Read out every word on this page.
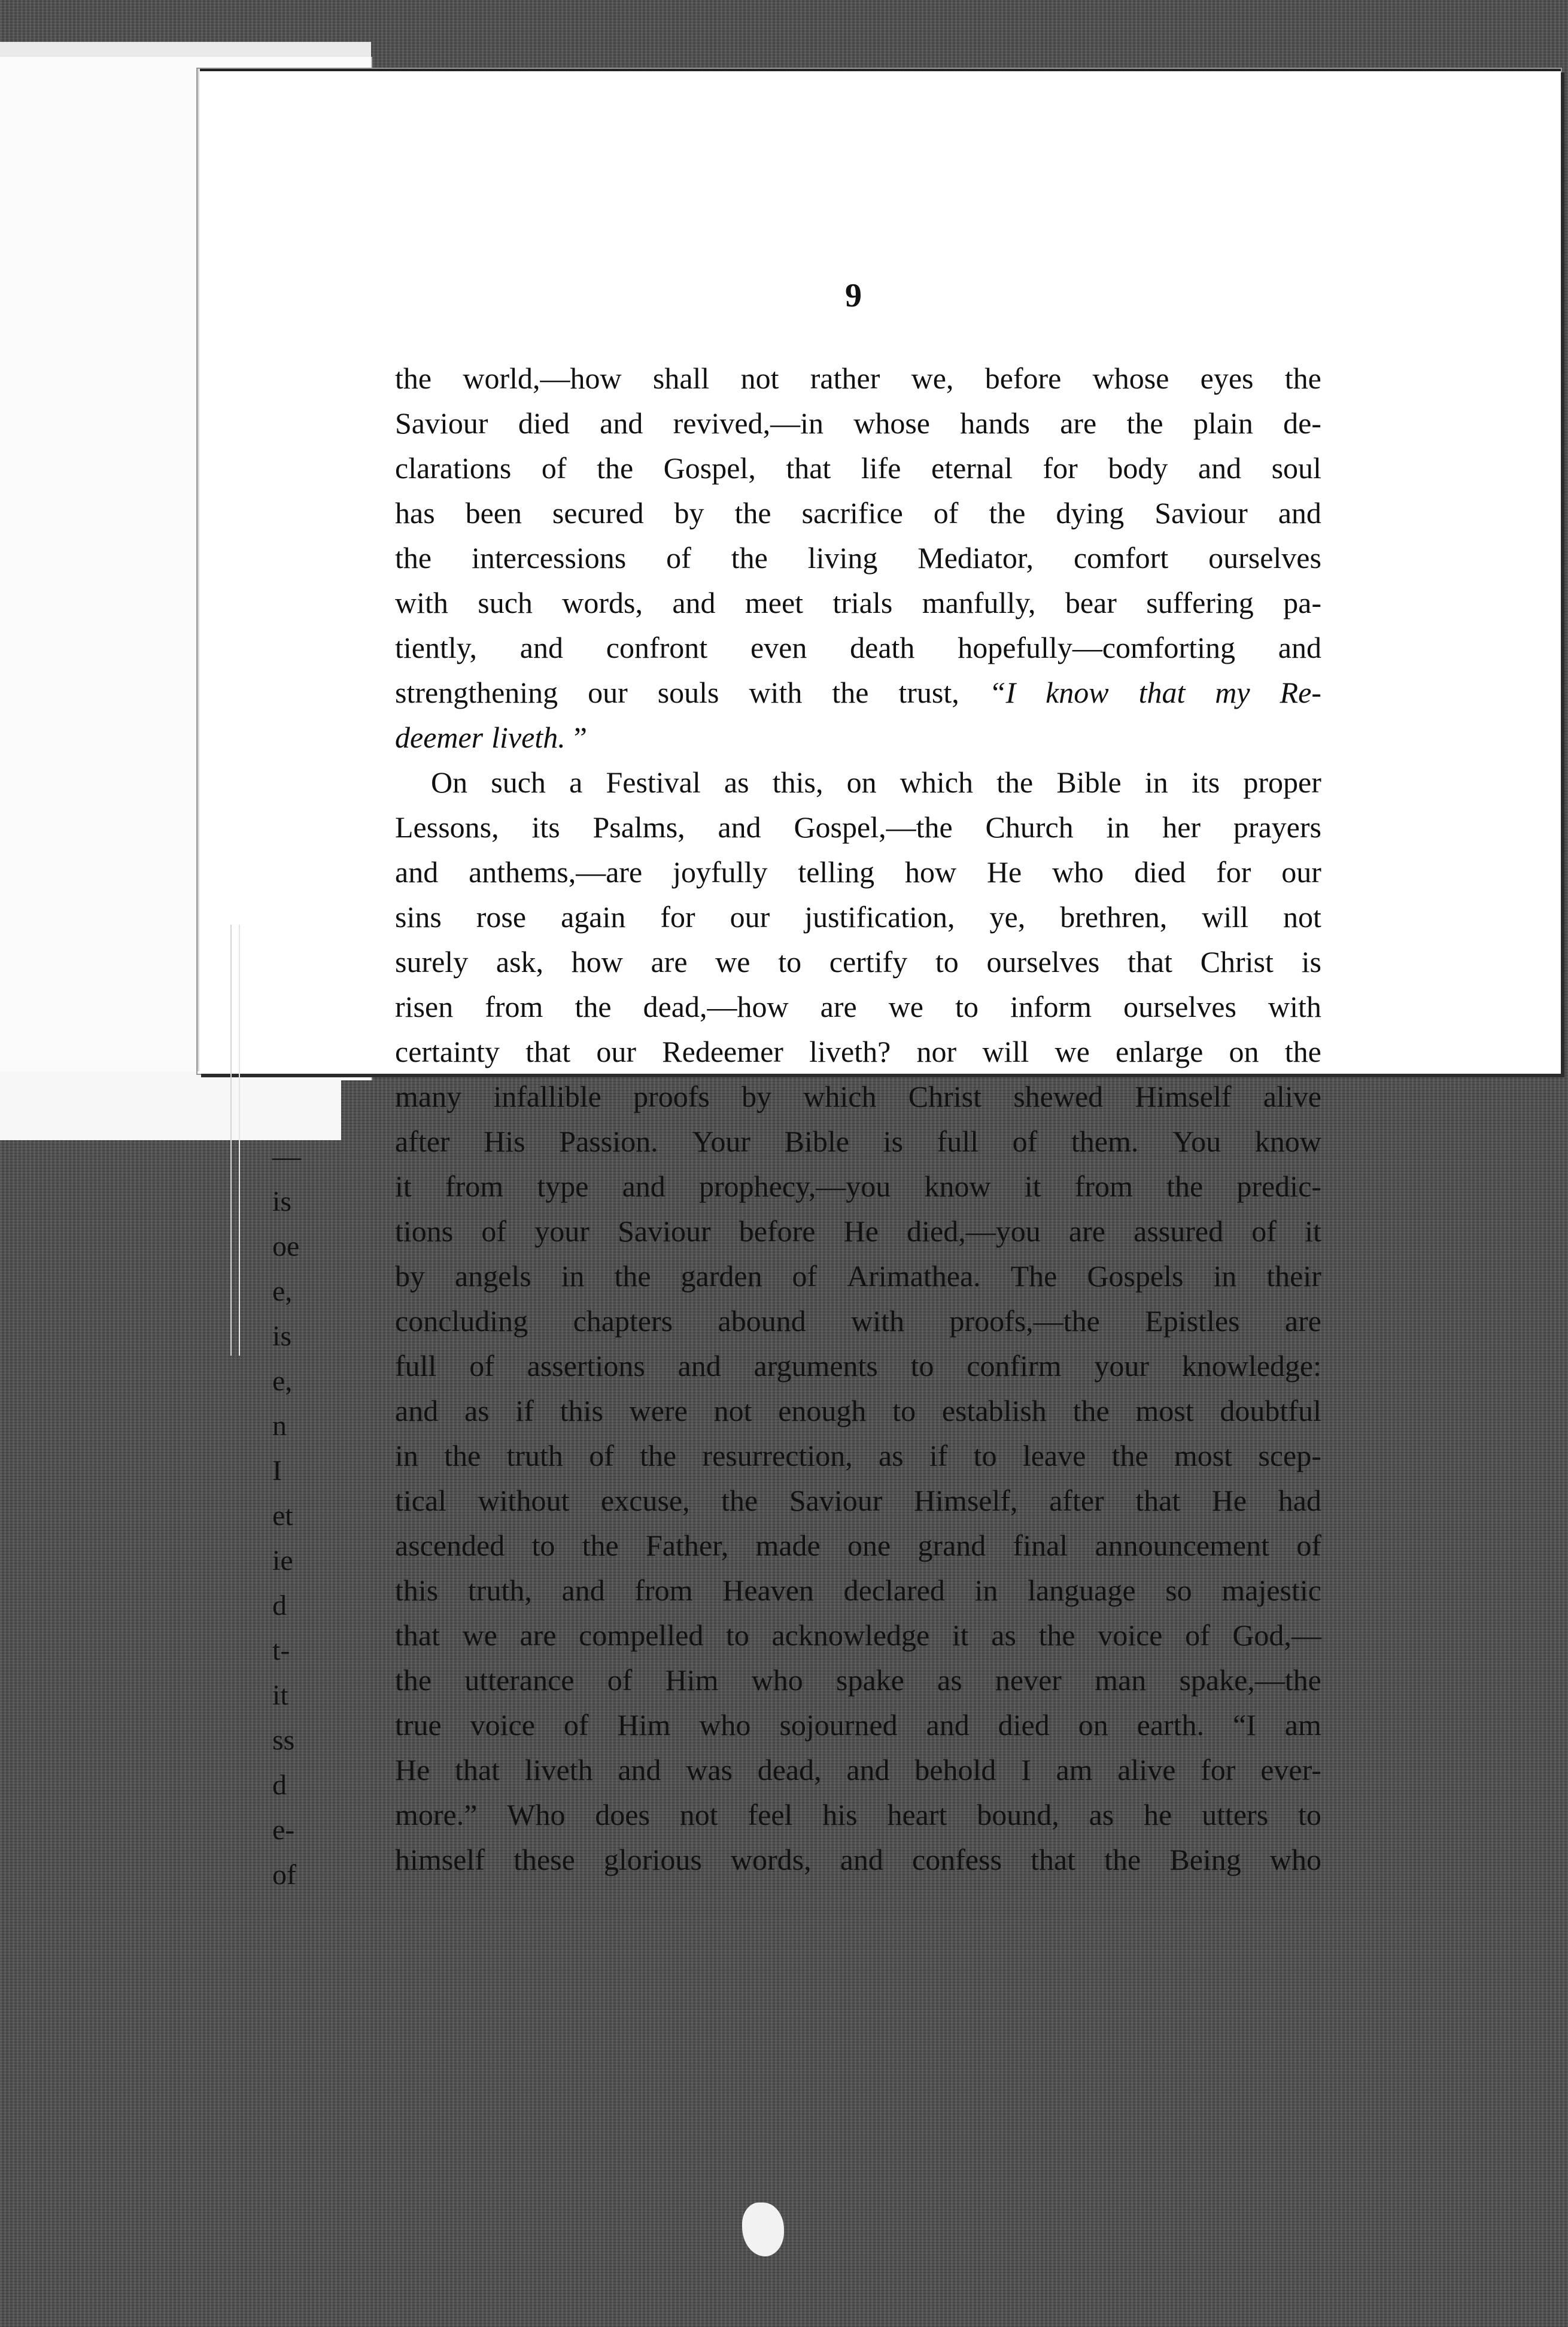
—
is
oe
e,
is
e,
n
I
et
ie
d
t-
it
ss
d
e-
of
9
the world,—how shall not rather we, before whose eyes the
Saviour died and revived,—in whose hands are the plain de-
clarations of the Gospel, that life eternal for body and soul
has been secured by the sacrifice of the dying Saviour and
the intercessions of the living Mediator, comfort ourselves
with such words, and meet trials manfully, bear suffering pa-
tiently, and confront even death hopefully—comforting and
strengthening our souls with the trust, “I know that my Re-
deemer liveth. ”
On such a Festival as this, on which the Bible in its proper
Lessons, its Psalms, and Gospel,—the Church in her prayers
and anthems,—are joyfully telling how He who died for our
sins rose again for our justification, ye, brethren, will not
surely ask, how are we to certify to ourselves that Christ is
risen from the dead,—how are we to inform ourselves with
certainty that our Redeemer liveth? nor will we enlarge on the
many infallible proofs by which Christ shewed Himself alive
after His Passion. Your Bible is full of them. You know
it from type and prophecy,—you know it from the predic-
tions of your Saviour before He died,—you are assured of it
by angels in the garden of Arimathea. The Gospels in their
concluding chapters abound with proofs,—the Epistles are
full of assertions and arguments to confirm your knowledge:
and as if this were not enough to establish the most doubtful
in the truth of the resurrection, as if to leave the most scep-
tical without excuse, the Saviour Himself, after that He had
ascended to the Father, made one grand final announcement of
this truth, and from Heaven declared in language so majestic
that we are compelled to acknowledge it as the voice of God,—
the utterance of Him who spake as never man spake,—the
true voice of Him who sojourned and died on earth. “I am
He that liveth and was dead, and behold I am alive for ever-
more.” Who does not feel his heart bound, as he utters to
himself these glorious words, and confess that the Being who
